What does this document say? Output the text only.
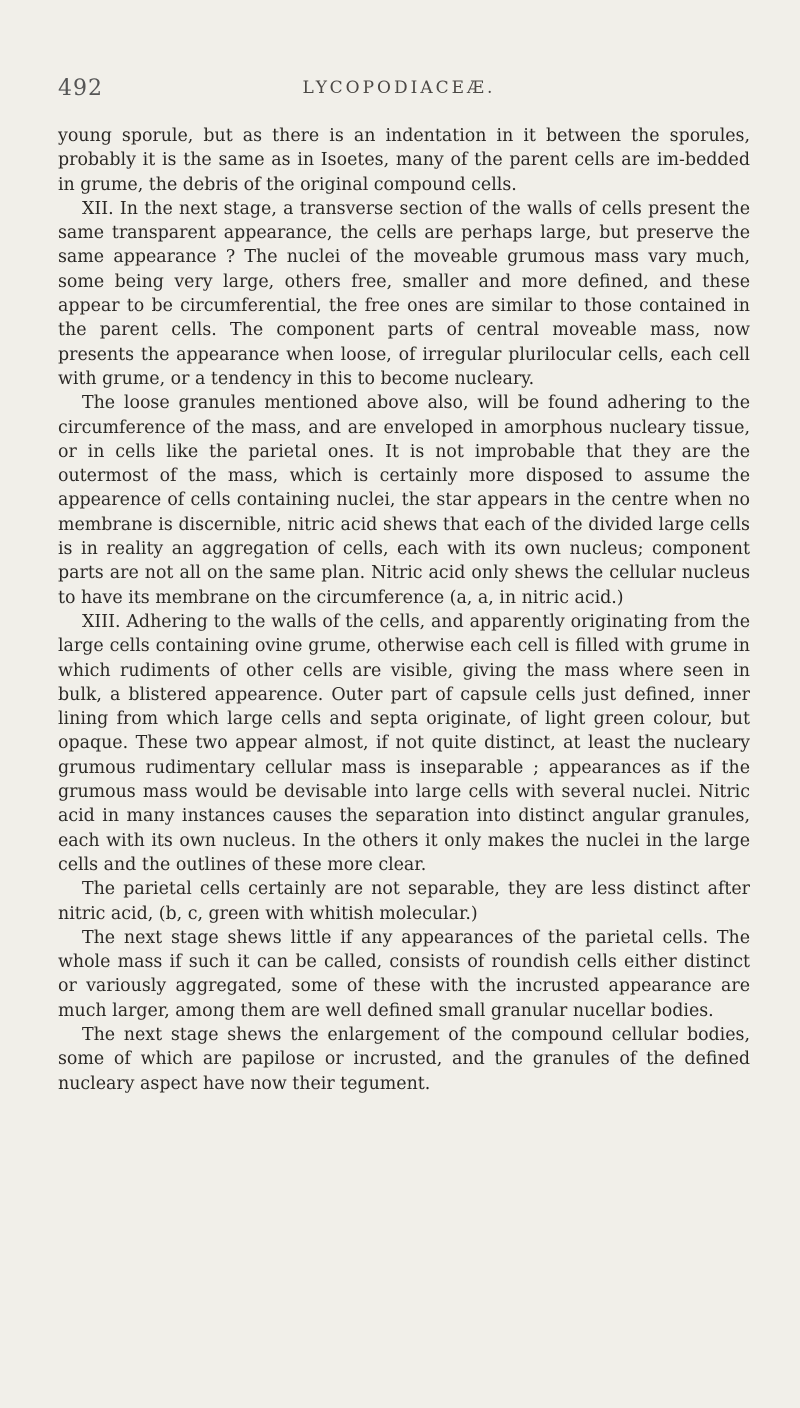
492	LYCOPODIACEÆ.

young sporule, but as there is an indentation in it between the sporules, probably it is the same as in Isoetes, many of the parent cells are im-bedded in grume, the debris of the original compound cells.

XII. In the next stage, a transverse section of the walls of cells present the same transparent appearance, the cells are perhaps large, but preserve the same appearance ? The nuclei of the moveable grumous mass vary much, some being very large, others free, smaller and more defined, and these appear to be circumferential, the free ones are similar to those contained in the parent cells. The component parts of central moveable mass, now presents the appearance when loose, of irregular plurilocular cells, each cell with grume, or a tendency in this to become nucleary.

The loose granules mentioned above also, will be found adhering to the circumference of the mass, and are enveloped in amorphous nucleary tissue, or in cells like the parietal ones. It is not improbable that they are the outermost of the mass, which is certainly more disposed to assume the appearence of cells containing nuclei, the star appears in the centre when no membrane is discernible, nitric acid shews that each of the divided large cells is in reality an aggregation of cells, each with its own nucleus; component parts are not all on the same plan. Nitric acid only shews the cellular nucleus to have its membrane on the circumference (a, a, in nitric acid.)

XIII. Adhering to the walls of the cells, and apparently originating from the large cells containing ovine grume, otherwise each cell is filled with grume in which rudiments of other cells are visible, giving the mass where seen in bulk, a blistered appearence. Outer part of capsule cells just defined, inner lining from which large cells and septa originate, of light green colour, but opaque. These two appear almost, if not quite distinct, at least the nucleary grumous rudimentary cellular mass is inseparable ; appearances as if the grumous mass would be devisable into large cells with several nuclei. Nitric acid in many instances causes the separation into distinct angular granules, each with its own nucleus. In the others it only makes the nuclei in the large cells and the outlines of these more clear.

The parietal cells certainly are not separable, they are less distinct after nitric acid, (b, c, green with whitish molecular.)

The next stage shews little if any appearances of the parietal cells. The whole mass if such it can be called, consists of roundish cells either distinct or variously aggregated, some of these with the incrusted appearance are much larger, among them are well defined small granular nucellar bodies.

The next stage shews the enlargement of the compound cellular bodies, some of which are papilose or incrusted, and the granules of the defined nucleary aspect have now their tegument.
